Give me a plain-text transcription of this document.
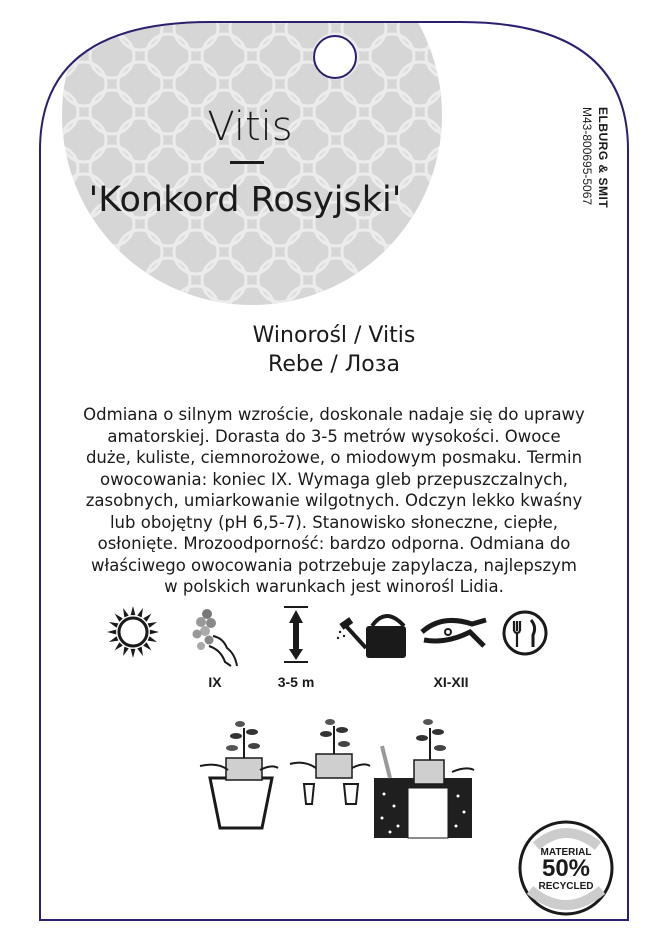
Vitis
'Konkord Rosyjski'	ELBURG & SMIT
M43-800695-5067
Winorośl / Vitis
Rebe / Лоза
Odmiana o silnym wzroście, doskonale nadaje się do uprawy
amatorskiej. Dorasta do 3-5 metrów wysokości. Owoce
duże, kuliste, ciemnorożowe, o miodowym posmaku. Termin
owocowania: koniec IX. Wymaga gleb przepuszczalnych,
zasobnych, umiarkowanie wilgotnych. Odczyn lekko kwaśny
lub obojętny (pH 6,5-7). Stanowisko słoneczne, ciepłe,
osłonięte. Mrozoodporność: bardzo odporna. Odmiana do
właściwego owocowania potrzebuje zapylacza, najlepszym
w polskich warunkach jest winorośl Lidia.
IX	3-5 m	XI-XII
MATERIAL
50%
RECYCLED
